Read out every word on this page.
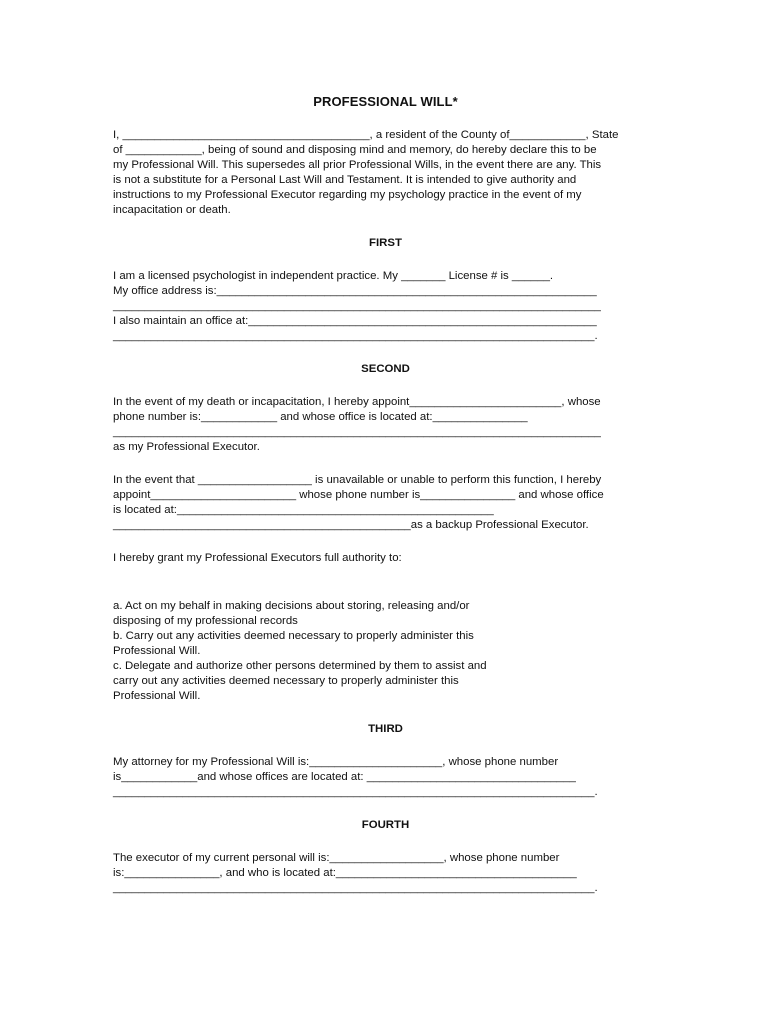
PROFESSIONAL WILL*
I, _______________________________________, a resident of the County of____________, State
of ____________, being of sound and disposing mind and memory, do hereby declare this to be
my Professional Will. This supersedes all prior Professional Wills, in the event there are any. This
is not a substitute for a Personal Last Will and Testament. It is intended to give authority and
instructions to my Professional Executor regarding my psychology practice in the event of my
incapacitation or death.
FIRST
I am a licensed psychologist in independent practice. My _______ License # is ______.
My office address is:____________________________________________________________
_____________________________________________________________________________
I also maintain an office at:_______________________________________________________
____________________________________________________________________________.
SECOND
In the event of my death or incapacitation, I hereby appoint________________________, whose
phone number is:____________ and whose office is located at:_______________
_____________________________________________________________________________
as my Professional Executor.
In the event that __________________ is unavailable or unable to perform this function, I hereby
appoint_______________________ whose phone number is_______________ and whose office
is located at:__________________________________________________
_______________________________________________as a backup Professional Executor.
I hereby grant my Professional Executors full authority to:
a. Act on my behalf in making decisions about storing, releasing and/or
disposing of my professional records
b. Carry out any activities deemed necessary to properly administer this
Professional Will.
c. Delegate and authorize other persons determined by them to assist and
carry out any activities deemed necessary to properly administer this
Professional Will.
THIRD
My attorney for my Professional Will is:_____________________, whose phone number
is____________and whose offices are located at: _________________________________
____________________________________________________________________________.
FOURTH
The executor of my current personal will is:__________________, whose phone number
is:_______________, and who is located at:______________________________________
____________________________________________________________________________.
